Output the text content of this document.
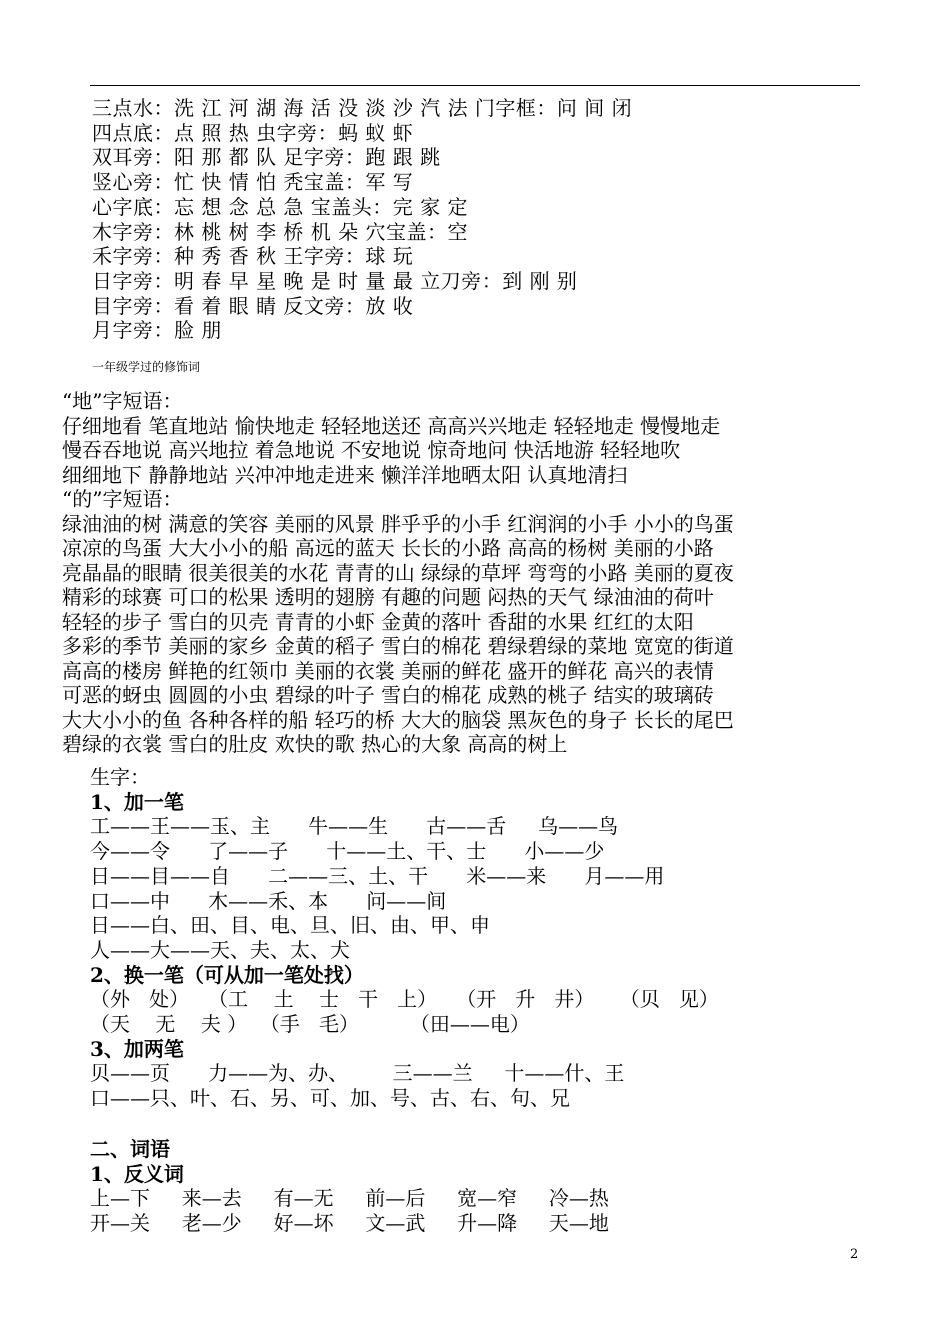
三点水：洗 江 河 湖 海 活 没 淡 沙 汽 法 门字框：问 间 闭
四点底：点 照 热 虫字旁：蚂 蚁 虾
双耳旁：阳 那 都 队 足字旁：跑 跟 跳
竖心旁：忙 快 情 怕 秃宝盖：军 写
心字底：忘 想 念 总 急 宝盖头：完 家 定
木字旁：林 桃 树 李 桥 机 朵 穴宝盖：空
禾字旁：种 秀 香 秋 王字旁：球 玩
日字旁：明 春 早 星 晚 是 时 量 最 立刀旁：到 刚 别
目字旁：看 着 眼 睛 反文旁：放 收
月字旁：脸 朋
一年级学过的修饰词
“地”字短语：
仔细地看 笔直地站 愉快地走 轻轻地送还 高高兴兴地走 轻轻地走 慢慢地走
慢吞吞地说 高兴地拉 着急地说 不安地说 惊奇地问 快活地游 轻轻地吹
细细地下 静静地站 兴冲冲地走进来 懒洋洋地晒太阳 认真地清扫
“的”字短语：
绿油油的树 满意的笑容 美丽的风景 胖乎乎的小手 红润润的小手 小小的鸟蛋
凉凉的鸟蛋 大大小小的船 高远的蓝天 长长的小路 高高的杨树 美丽的小路
亮晶晶的眼睛 很美很美的水花 青青的山 绿绿的草坪 弯弯的小路 美丽的夏夜
精彩的球赛 可口的松果 透明的翅膀 有趣的问题 闷热的天气 绿油油的荷叶
轻轻的步子 雪白的贝壳 青青的小虾 金黄的落叶 香甜的水果 红红的太阳
多彩的季节 美丽的家乡 金黄的稻子 雪白的棉花 碧绿碧绿的菜地 宽宽的街道
高高的楼房 鲜艳的红领巾 美丽的衣裳 美丽的鲜花 盛开的鲜花 高兴的表情
可恶的蚜虫 圆圆的小虫 碧绿的叶子 雪白的棉花 成熟的桃子 结实的玻璃砖
大大小小的鱼 各种各样的船 轻巧的桥 大大的脑袋 黑灰色的身子 长长的尾巴
碧绿的衣裳 雪白的肚皮 欢快的歌 热心的大象 高高的树上
生字：
1、加一笔
工——王——玉、主      牛——生      古——舌     乌——鸟
今——令      了——子      十——土、干、士      小——少
日——目——自      二——三、土、干      米——来      月——用
口——中      木——禾、本      问——间
日——白、田、目、电、旦、旧、由、甲、申
人——大——天、夫、太、犬
2、换一笔（可从加一笔处找）
（外   处）   （工    土    士   干   上）   （开   升   井）    （贝   见）
（天    无    夫 ）  （手   毛）        （田——电）
3、加两笔
贝——页      力——为、办、       三——兰     十——什、王
口——只、叶、石、另、可、加、号、古、右、句、兄
二、词语
1、反义词
上—下     来—去     有—无     前—后     宽—窄     冷—热
开—关     老—少     好—坏     文—武     升—降     天—地
2
